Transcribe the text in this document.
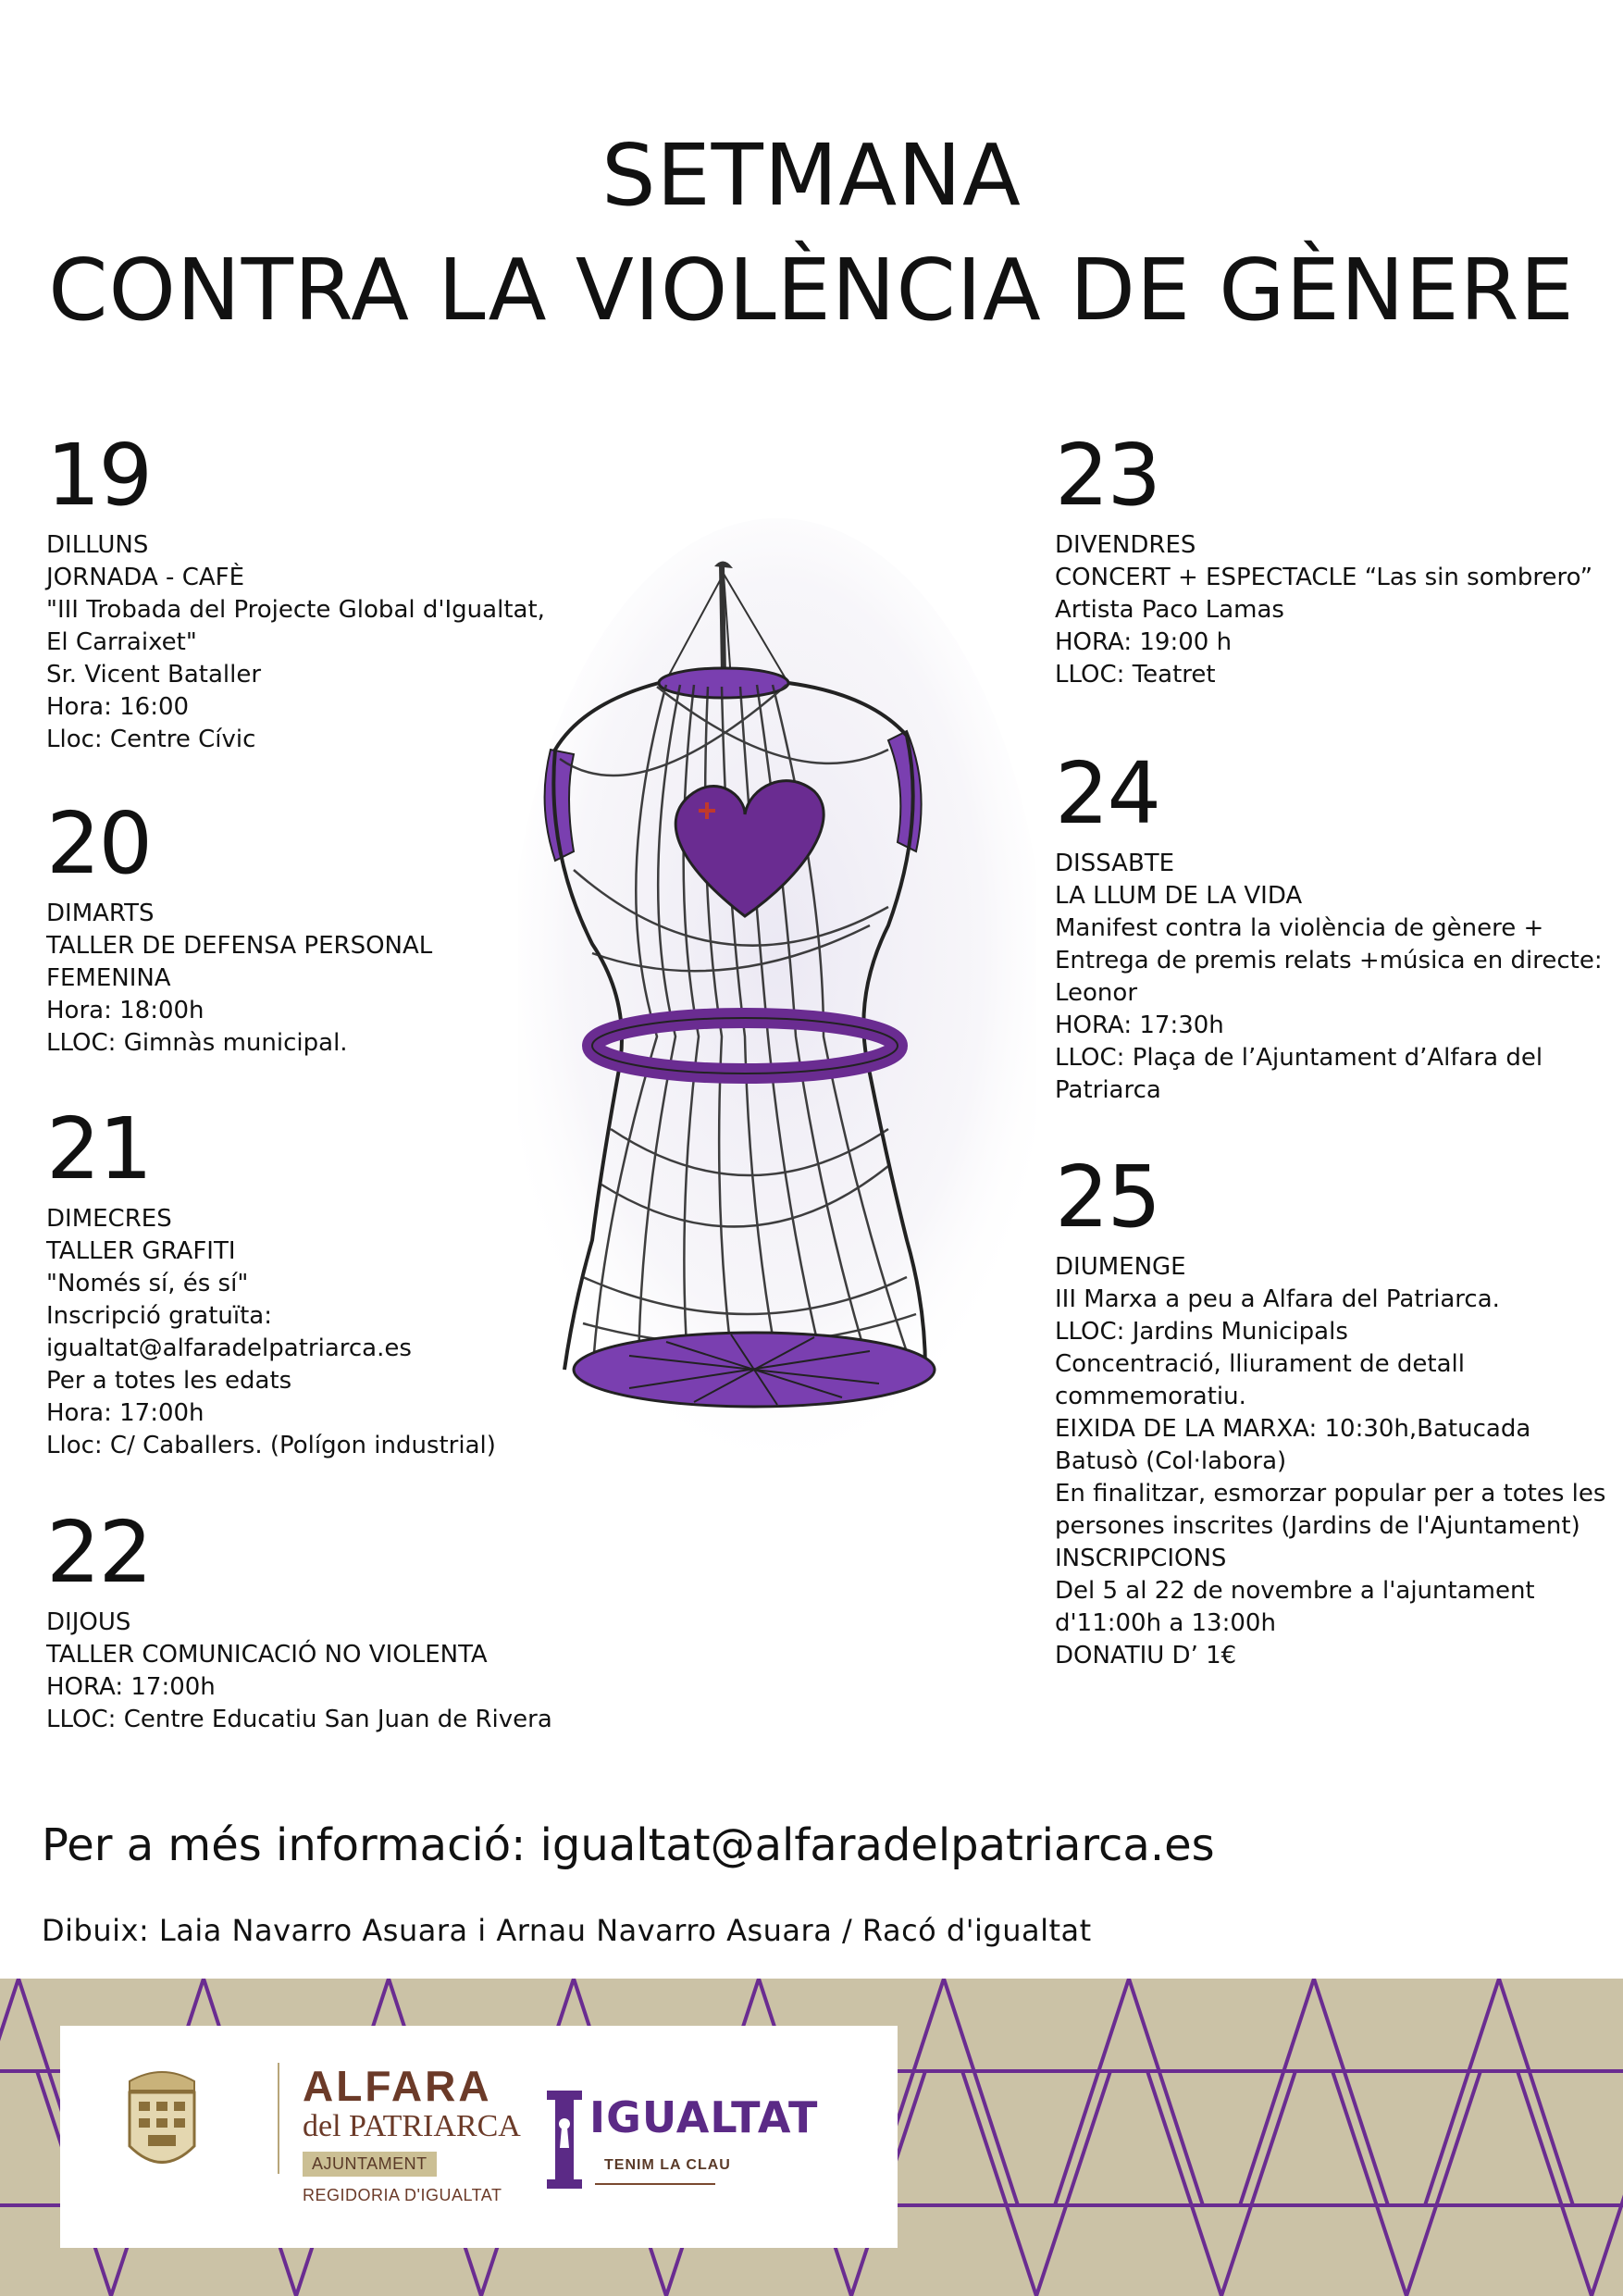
SETMANA
CONTRA LA VIOLÈNCIA DE GÈNERE
19
DILLUNS
JORNADA - CAFÈ
"III Trobada del Projecte Global d'Igualtat,
El Carraixet"
Sr. Vicent Bataller
Hora: 16:00
Lloc: Centre Cívic
20
DIMARTS
TALLER DE DEFENSA PERSONAL
FEMENINA
Hora: 18:00h
LLOC: Gimnàs municipal.
21
DIMECRES
TALLER GRAFITI
"Només sí, és sí"
Inscripció gratuïta:
igualtat@alfaradelpatriarca.es
Per a totes les edats
Hora: 17:00h
Lloc: C/ Caballers. (Polígon industrial)
22
DIJOUS
TALLER COMUNICACIÓ NO VIOLENTA
HORA: 17:00h
LLOC: Centre Educatiu San Juan de Rivera
23
DIVENDRES
CONCERT + ESPECTACLE “Las sin sombrero”
Artista Paco Lamas
HORA: 19:00 h
LLOC: Teatret
24
DISSABTE
LA LLUM DE LA VIDA
Manifest contra la violència de gènere +
Entrega de premis relats +música en directe:
Leonor
HORA: 17:30h
LLOC: Plaça de l’Ajuntament d’Alfara del
Patriarca
25
DIUMENGE
III Marxa a peu a Alfara del Patriarca.
LLOC: Jardins Municipals
Concentració, lliurament de detall
commemoratiu.
EIXIDA DE LA MARXA: 10:30h,Batucada
Batusò (Col·labora)
En finalitzar, esmorzar popular per a totes les
persones inscrites (Jardins de l'Ajuntament)
INSCRIPCIONS
Del 5 al 22 de novembre a l'ajuntament
d'11:00h a 13:00h
DONATIU D’ 1€
Per a més informació: igualtat@alfaradelpatriarca.es
Dibuix: Laia Navarro Asuara i Arnau Navarro Asuara / Racó d'igualtat
ALFARA
del PATRIARCA
AJUNTAMENT
REGIDORIA D'IGUALTAT
IGUALTAT
TENIM LA CLAU
